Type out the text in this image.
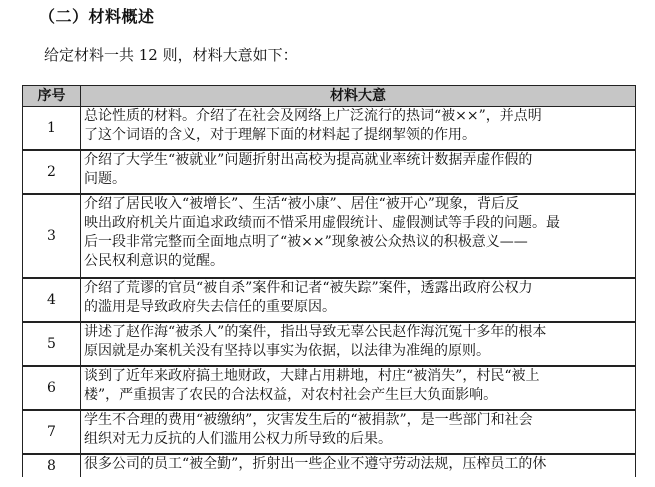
（二）材料概述
给定材料一共 12 则，材料大意如下：
序号	材料大意
1
总论性质的材料。介绍了在社会及网络上广泛流行的热词“被××”，并点明
了这个词语的含义，对于理解下面的材料起了提纲挈领的作用。
2
介绍了大学生“被就业”问题折射出高校为提高就业率统计数据弄虚作假的
问题。
3
介绍了居民收入“被增长”、生活“被小康”、居住“被开心”现象，背后反
映出政府机关片面追求政绩而不惜采用虚假统计、虚假测试等手段的问题。最
后一段非常完整而全面地点明了“被××”现象被公众热议的积极意义——
公民权利意识的觉醒。
4
介绍了荒谬的官员“被自杀”案件和记者“被失踪”案件，透露出政府公权力
的滥用是导致政府失去信任的重要原因。
5
讲述了赵作海“被杀人”的案件，指出导致无辜公民赵作海沉冤十多年的根本
原因就是办案机关没有坚持以事实为依据，以法律为准绳的原则。
6
谈到了近年来政府搞土地财政，大肆占用耕地，村庄“被消失”，村民“被上
楼”，严重损害了农民的合法权益，对农村社会产生巨大负面影响。
7
学生不合理的费用“被缴纳”，灾害发生后的“被捐款”，是一些部门和社会
组织对无力反抗的人们滥用公权力所导致的后果。
8	很多公司的员工“被全勤”，折射出一些企业不遵守劳动法规，压榨员工的休
